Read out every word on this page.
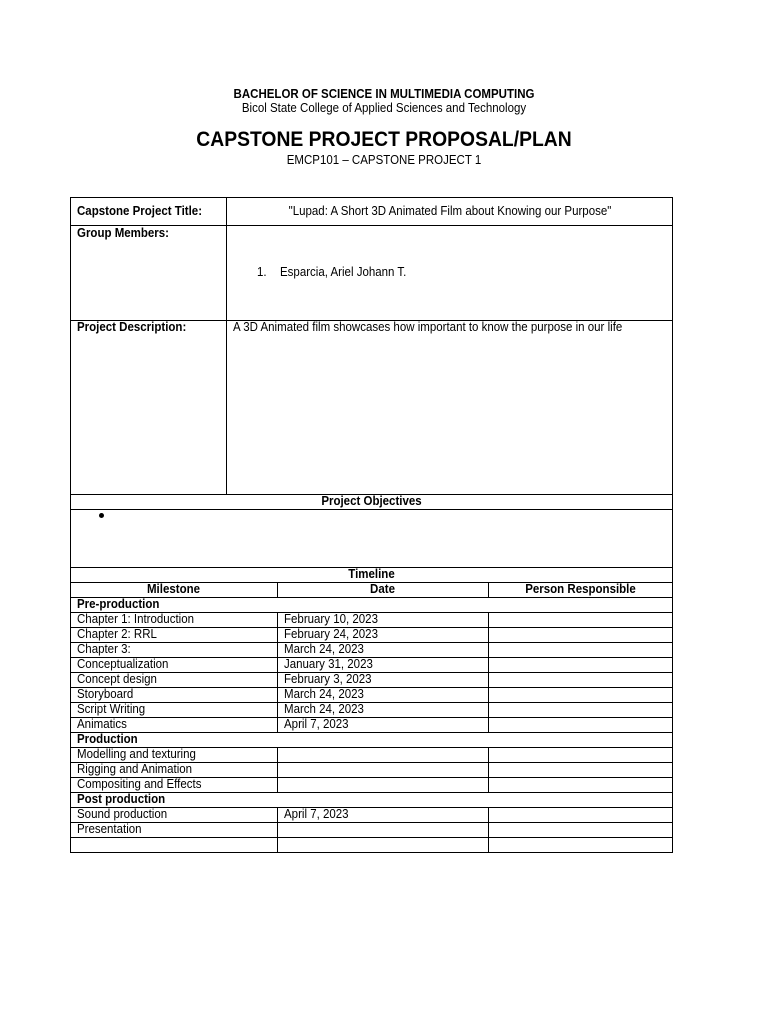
BACHELOR OF SCIENCE IN MULTIMEDIA COMPUTING
Bicol State College of Applied Sciences and Technology
CAPSTONE PROJECT PROPOSAL/PLAN
EMCP101 – CAPSTONE PROJECT 1
Capstone Project Title:	"Lupad: A Short 3D Animated Film about Knowing our Purpose"
Group Members:
1. Esparcia, Ariel Johann T.
Project Description:	A 3D Animated film showcases how important to know the purpose in our life
Project Objectives
Timeline
Milestone	Date	Person Responsible
Pre-production
Chapter 1: Introduction	February 10, 2023
Chapter 2: RRL	February 24, 2023
Chapter 3:	March 24, 2023
Conceptualization	January 31, 2023
Concept design	February 3, 2023
Storyboard	March 24, 2023
Script Writing	March 24, 2023
Animatics	April 7, 2023
Production
Modelling and texturing
Rigging and Animation
Compositing and Effects
Post production
Sound production	April 7, 2023
Presentation
